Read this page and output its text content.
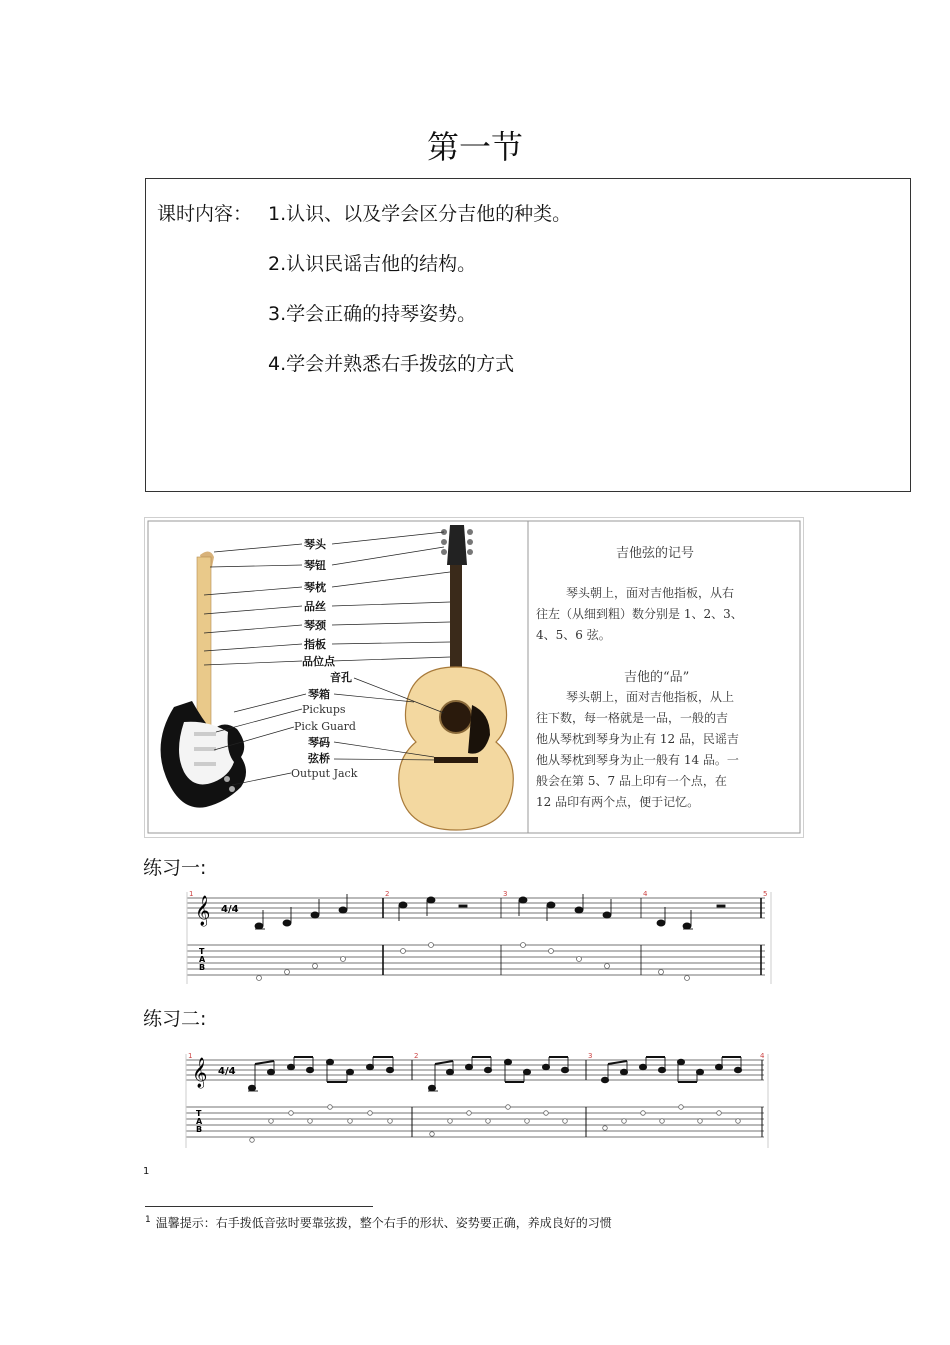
第一节
课时内容： 1.认识、以及学会区分吉他的种类。
2.认识民谣吉他的结构。
3.学会正确的持琴姿势。
4.学会并熟悉右手拨弦的方式
琴头
琴钮
琴枕
品丝
琴颈
指板
品位点
音孔
琴箱
Pickups
Pick Guard
琴码
弦桥
Output Jack
吉他弦的记号
琴头朝上，面对吉他指板，从右
往左（从细到粗）数分别是 1、2、3、
4、5、6 弦。
吉他的“品”
琴头朝上，面对吉他指板，从上
往下数，每一格就是一品，一般的吉
他从琴枕到琴身为止有 12 品，民谣吉
他从琴枕到琴身为止一般有 14 品。一
般会在第 5、7 品上印有一个点，在
12 品印有两个点，便于记忆。
练习一:
1	2	3	4	5
𝄞 4/4
T
A
B
练习二:
1	2	3	4
𝄞 4/4
T
A
B
1
$^1$ 温馨提示：右手拨低音弦时要靠弦拨，整个右手的形状、姿势要正确，养成良好的习惯
